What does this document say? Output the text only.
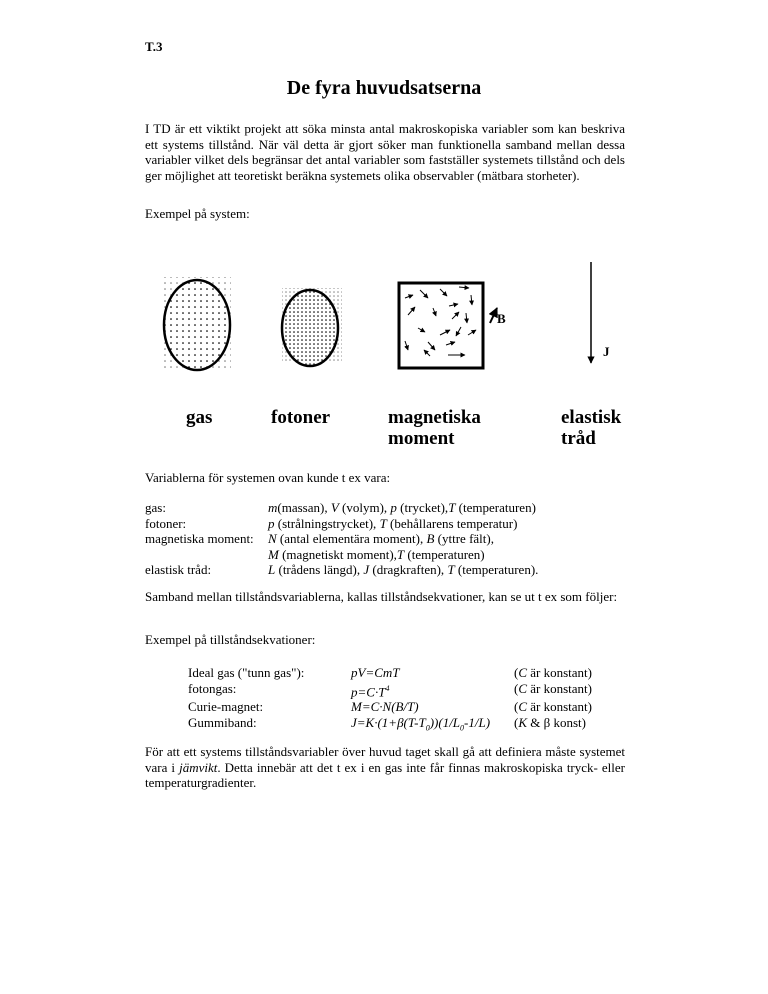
T.3
De fyra huvudsatserna
I TD är ett viktikt projekt att söka minsta antal makroskopiska variabler som kan beskriva ett systems tillstånd. När väl detta är gjort söker man funktionella samband mellan dessa variabler vilket dels begränsar det antal variabler som fastställer systemets tillstånd och dels ger möjlighet att teoretiskt beräkna systemets olika observabler (mätbara storheter).
Exempel på system:
B
J
gas	fotoner	magnetiska
moment
elastisk
tråd
Variablerna för systemen ovan kunde t ex vara:
gas:	m(massan), V (volym), p (trycket),T (temperaturen)
fotoner:	p (strålningstrycket), T (behållarens temperatur)
magnetiska moment:	N (antal elementära moment), B (yttre fält),
M (magnetiskt moment),T (temperaturen)
elastisk tråd:	L (trådens längd), J (dragkraften), T (temperaturen).
Samband mellan tillståndsvariablerna, kallas tillståndsekvationer, kan se ut t ex som följer:
Exempel på tillståndsekvationer:
Ideal gas ("tunn gas"):	pV=CmT	(C är konstant)
fotongas:	$p=C\cdot T^4$	(C är konstant)
Curie-magnet:	M=C·N(B/T)	(C är konstant)
Gummiband:	$J=K\cdot(1+\beta(T-T_0))(1/L_0-1/L)$	(K & β konst)
För att ett systems tillståndsvariabler över huvud taget skall gå att definiera måste systemet vara i jämvikt. Detta innebär att det t ex i en gas inte får finnas makroskopiska tryck- eller temperaturgradienter.
